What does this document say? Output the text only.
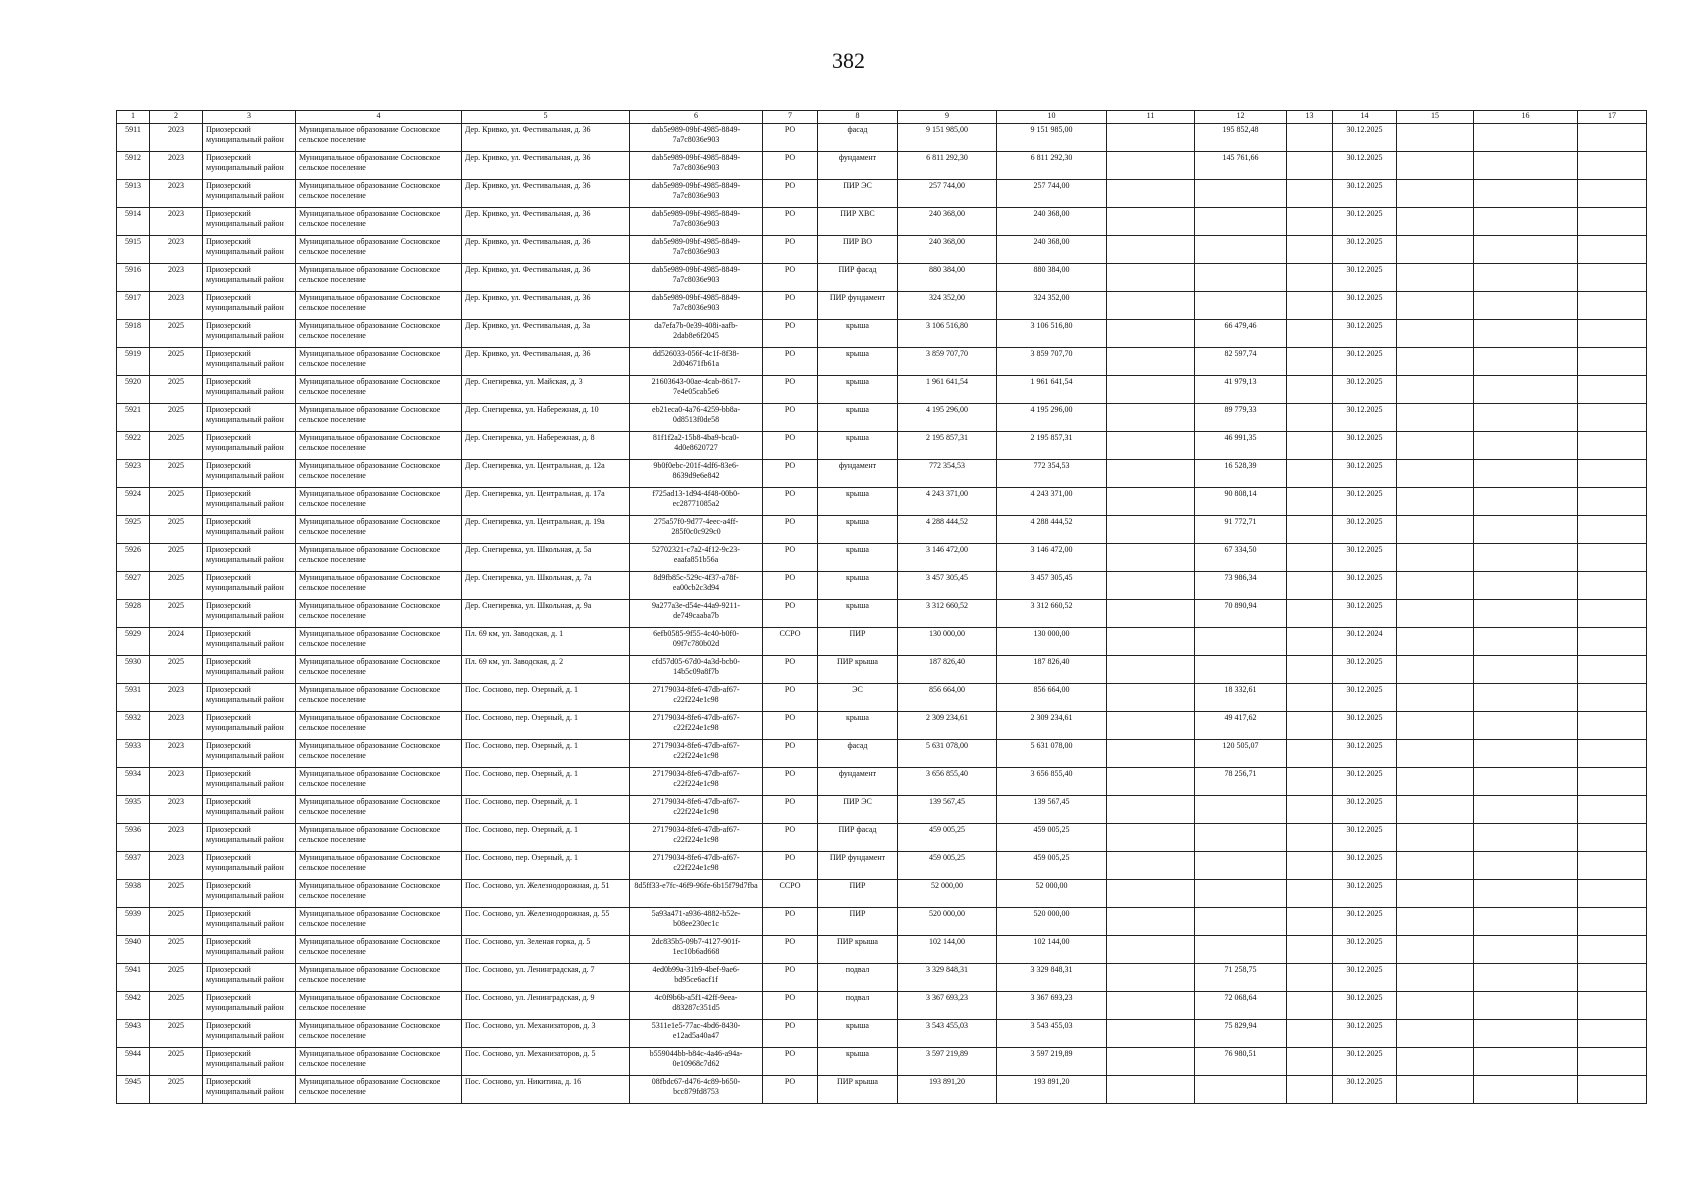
382
1	2	3	4	5	6	7	8	9	10	11	12	13	14	15	16	17
5911	2023	Приозерский муниципальный район	Муниципальное образование Сосновское сельское поселение	Дер. Кривко, ул. Фестивальная, д. 36	dab5e989-09bf-4985-8849-7a7c8036e903	РО	фасад	9 151 985,00	9 151 985,00		195 852,48		30.12.2025			
5912	2023	Приозерский муниципальный район	Муниципальное образование Сосновское сельское поселение	Дер. Кривко, ул. Фестивальная, д. 36	dab5e989-09bf-4985-8849-7a7c8036e903	РО	фундамент	6 811 292,30	6 811 292,30		145 761,66		30.12.2025			
5913	2023	Приозерский муниципальный район	Муниципальное образование Сосновское сельское поселение	Дер. Кривко, ул. Фестивальная, д. 36	dab5e989-09bf-4985-8849-7a7c8036e903	РО	ПИР ЭС	257 744,00	257 744,00				30.12.2025			
5914	2023	Приозерский муниципальный район	Муниципальное образование Сосновское сельское поселение	Дер. Кривко, ул. Фестивальная, д. 36	dab5e989-09bf-4985-8849-7a7c8036e903	РО	ПИР ХВС	240 368,00	240 368,00				30.12.2025			
5915	2023	Приозерский муниципальный район	Муниципальное образование Сосновское сельское поселение	Дер. Кривко, ул. Фестивальная, д. 36	dab5e989-09bf-4985-8849-7a7c8036e903	РО	ПИР ВО	240 368,00	240 368,00				30.12.2025			
5916	2023	Приозерский муниципальный район	Муниципальное образование Сосновское сельское поселение	Дер. Кривко, ул. Фестивальная, д. 36	dab5e989-09bf-4985-8849-7a7c8036e903	РО	ПИР фасад	880 384,00	880 384,00				30.12.2025			
5917	2023	Приозерский муниципальный район	Муниципальное образование Сосновское сельское поселение	Дер. Кривко, ул. Фестивальная, д. 36	dab5e989-09bf-4985-8849-7a7c8036e903	РО	ПИР фундамент	324 352,00	324 352,00				30.12.2025			
5918	2025	Приозерский муниципальный район	Муниципальное образование Сосновское сельское поселение	Дер. Кривко, ул. Фестивальная, д. 3а	da7efa7b-0e39-408i-aafb-2dab8e6f2045	РО	крыша	3 106 516,80	3 106 516,80		66 479,46		30.12.2025			
5919	2025	Приозерский муниципальный район	Муниципальное образование Сосновское сельское поселение	Дер. Кривко, ул. Фестивальная, д. 36	dd526033-056f-4c1f-8f38-2d04671fb61a	РО	крыша	3 859 707,70	3 859 707,70		82 597,74		30.12.2025			
5920	2025	Приозерский муниципальный район	Муниципальное образование Сосновское сельское поселение	Дер. Снегиревка, ул. Майская, д. 3	21603643-00ae-4cab-8617-7e4e05cab5e6	РО	крыша	1 961 641,54	1 961 641,54		41 979,13		30.12.2025			
5921	2025	Приозерский муниципальный район	Муниципальное образование Сосновское сельское поселение	Дер. Снегиревка, ул. Набережная, д. 10	eb21eca0-4a76-4259-bb8a-0d8513f0de58	РО	крыша	4 195 296,00	4 195 296,00		89 779,33		30.12.2025			
5922	2025	Приозерский муниципальный район	Муниципальное образование Сосновское сельское поселение	Дер. Снегиревка, ул. Набережная, д. 8	81f1f2a2-15b8-4ba9-bca0-4d0e8620727	РО	крыша	2 195 857,31	2 195 857,31		46 991,35		30.12.2025			
5923	2025	Приозерский муниципальный район	Муниципальное образование Сосновское сельское поселение	Дер. Снегиревка, ул. Центральная, д. 12а	9b0f0ebc-201f-4df6-83e6-8639d9e6e842	РО	фундамент	772 354,53	772 354,53		16 528,39		30.12.2025			
5924	2025	Приозерский муниципальный район	Муниципальное образование Сосновское сельское поселение	Дер. Снегиревка, ул. Центральная, д. 17а	f725ad13-1d94-4f48-00b0-ec28771085a2	РО	крыша	4 243 371,00	4 243 371,00		90 808,14		30.12.2025			
5925	2025	Приозерский муниципальный район	Муниципальное образование Сосновское сельское поселение	Дер. Снегиревка, ул. Центральная, д. 19а	275a57f0-9d77-4eec-a4ff-285f0c0c929c0	РО	крыша	4 288 444,52	4 288 444,52		91 772,71		30.12.2025			
5926	2025	Приозерский муниципальный район	Муниципальное образование Сосновское сельское поселение	Дер. Снегиревка, ул. Школьная, д. 5а	52702321-c7a2-4f12-9c23-eaafa851b56a	РО	крыша	3 146 472,00	3 146 472,00		67 334,50		30.12.2025			
5927	2025	Приозерский муниципальный район	Муниципальное образование Сосновское сельское поселение	Дер. Снегиревка, ул. Школьная, д. 7а	8d9fb85c-529c-4f37-a78f-ea00cb2c3d94	РО	крыша	3 457 305,45	3 457 305,45		73 986,34		30.12.2025			
5928	2025	Приозерский муниципальный район	Муниципальное образование Сосновское сельское поселение	Дер. Снегиревка, ул. Школьная, д. 9а	9a277a3e-d54e-44a9-9211-de749caaba7b	РО	крыша	3 312 660,52	3 312 660,52		70 890,94		30.12.2025			
5929	2024	Приозерский муниципальный район	Муниципальное образование Сосновское сельское поселение	Пл. 69 км, ул. Заводская, д. 1	6efb0585-9f55-4c40-b0f0-09f7c780b02d	ССРО	ПИР	130 000,00	130 000,00				30.12.2024			
5930	2025	Приозерский муниципальный район	Муниципальное образование Сосновское сельское поселение	Пл. 69 км, ул. Заводская, д. 2	cfd57d05-67d0-4a3d-bcb0-14b5c09a8f7b	РО	ПИР крыша	187 826,40	187 826,40				30.12.2025			
5931	2023	Приозерский муниципальный район	Муниципальное образование Сосновское сельское поселение	Пос. Сосново, пер. Озерный, д. 1	27179034-8fe6-47db-af67-c22f224e1c98	РО	ЭС	856 664,00	856 664,00		18 332,61		30.12.2025			
5932	2023	Приозерский муниципальный район	Муниципальное образование Сосновское сельское поселение	Пос. Сосново, пер. Озерный, д. 1	27179034-8fe6-47db-af67-c22f224e1c98	РО	крыша	2 309 234,61	2 309 234,61		49 417,62		30.12.2025			
5933	2023	Приозерский муниципальный район	Муниципальное образование Сосновское сельское поселение	Пос. Сосново, пер. Озерный, д. 1	27179034-8fe6-47db-af67-c22f224e1c98	РО	фасад	5 631 078,00	5 631 078,00		120 505,07		30.12.2025			
5934	2023	Приозерский муниципальный район	Муниципальное образование Сосновское сельское поселение	Пос. Сосново, пер. Озерный, д. 1	27179034-8fe6-47db-af67-c22f224e1c98	РО	фундамент	3 656 855,40	3 656 855,40		78 256,71		30.12.2025			
5935	2023	Приозерский муниципальный район	Муниципальное образование Сосновское сельское поселение	Пос. Сосново, пер. Озерный, д. 1	27179034-8fe6-47db-af67-c22f224e1c98	РО	ПИР ЭС	139 567,45	139 567,45				30.12.2025			
5936	2023	Приозерский муниципальный район	Муниципальное образование Сосновское сельское поселение	Пос. Сосново, пер. Озерный, д. 1	27179034-8fe6-47db-af67-c22f224e1c98	РО	ПИР фасад	459 005,25	459 005,25				30.12.2025			
5937	2023	Приозерский муниципальный район	Муниципальное образование Сосновское сельское поселение	Пос. Сосново, пер. Озерный, д. 1	27179034-8fe6-47db-af67-c22f224e1c98	РО	ПИР фундамент	459 005,25	459 005,25				30.12.2025			
5938	2025	Приозерский муниципальный район	Муниципальное образование Сосновское сельское поселение	Пос. Сосново, ул. Железнодорожная, д. 51	8d5ff33-e7fc-46f9-96fe-6b15f79d7fba	ССРО	ПИР	52 000,00	52 000,00				30.12.2025			
5939	2025	Приозерский муниципальный район	Муниципальное образование Сосновское сельское поселение	Пос. Сосново, ул. Железнодорожная, д. 55	5a93a471-a936-4882-b52e-b08ee230ec1c	РО	ПИР	520 000,00	520 000,00				30.12.2025			
5940	2025	Приозерский муниципальный район	Муниципальное образование Сосновское сельское поселение	Пос. Сосново, ул. Зеленая горка, д. 5	2dc835b5-09b7-4127-901f-1ec10b6ad668	РО	ПИР крыша	102 144,00	102 144,00				30.12.2025			
5941	2025	Приозерский муниципальный район	Муниципальное образование Сосновское сельское поселение	Пос. Сосново, ул. Ленинградская, д. 7	4ed0b99a-31b9-4bef-9ae6-bd95ce6acf1f	РО	подвал	3 329 848,31	3 329 848,31		71 258,75		30.12.2025			
5942	2025	Приозерский муниципальный район	Муниципальное образование Сосновское сельское поселение	Пос. Сосново, ул. Ленинградская, д. 9	4c0f9b6b-a5f1-42ff-9eea-d83287c351d5	РО	подвал	3 367 693,23	3 367 693,23		72 068,64		30.12.2025			
5943	2025	Приозерский муниципальный район	Муниципальное образование Сосновское сельское поселение	Пос. Сосново, ул. Механизаторов, д. 3	5311e1e5-77ac-4bd6-8430-e12ad5a40a47	РО	крыша	3 543 455,03	3 543 455,03		75 829,94		30.12.2025			
5944	2025	Приозерский муниципальный район	Муниципальное образование Сосновское сельское поселение	Пос. Сосново, ул. Механизаторов, д. 5	b559044bb-b84c-4a46-a94a-0e10968c7d62	РО	крыша	3 597 219,89	3 597 219,89		76 980,51		30.12.2025			
5945	2025	Приозерский муниципальный район	Муниципальное образование Сосновское сельское поселение	Пос. Сосново, ул. Никитина, д. 16	08fbdc67-d476-4c89-b650-bcc879fd8753	РО	ПИР крыша	193 891,20	193 891,20				30.12.2025			
